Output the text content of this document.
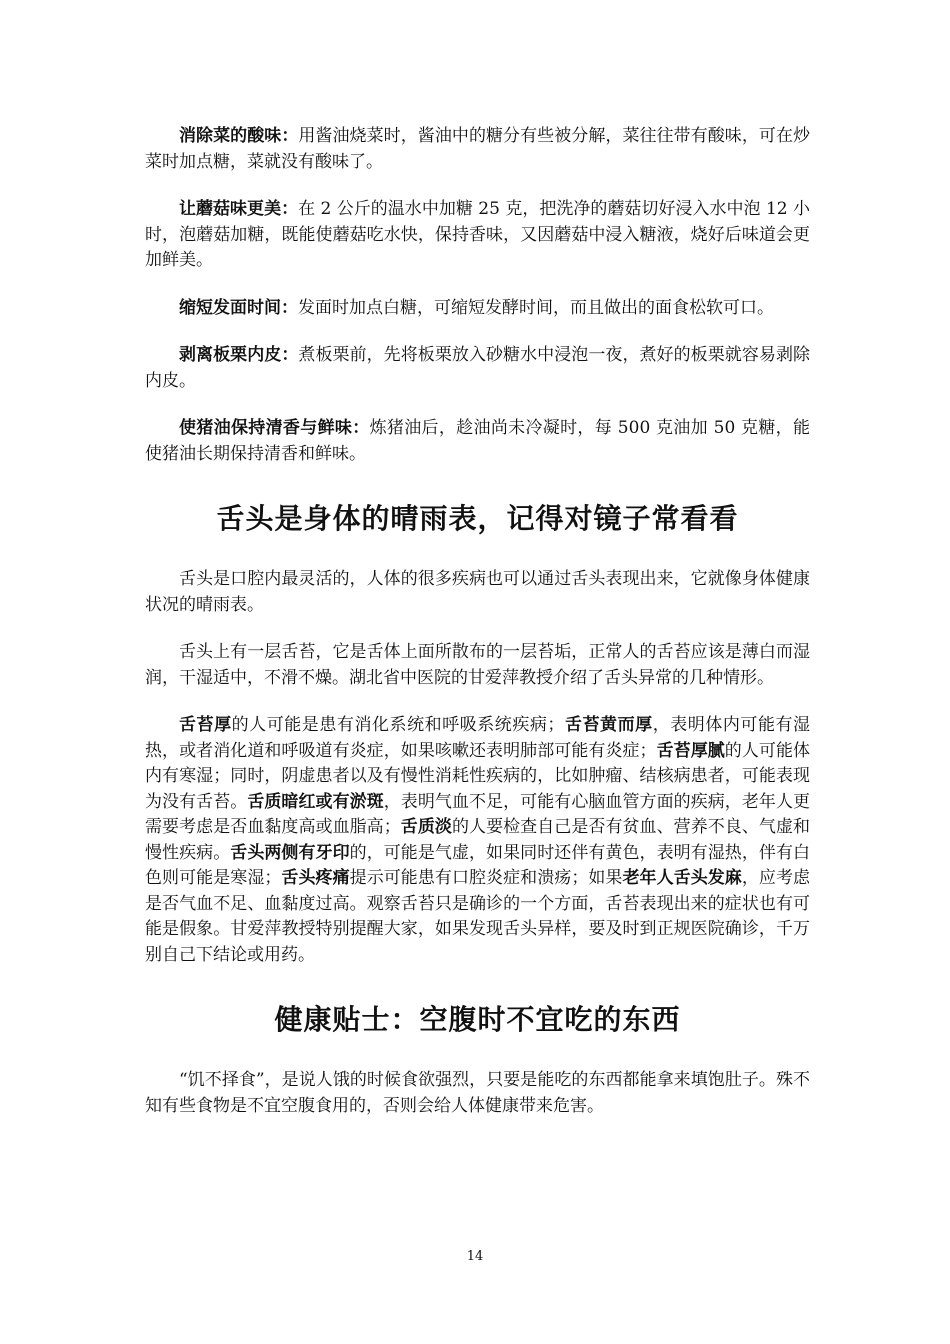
消除菜的酸味：用酱油烧菜时，酱油中的糖分有些被分解，菜往往带有酸味，可在炒菜时加点糖，菜就没有酸味了。

让蘑菇味更美：在 2 公斤的温水中加糖 25 克，把洗净的蘑菇切好浸入水中泡 12 小时，泡蘑菇加糖，既能使蘑菇吃水快，保持香味，又因蘑菇中浸入糖液，烧好后味道会更加鲜美。

缩短发面时间：发面时加点白糖，可缩短发酵时间，而且做出的面食松软可口。

剥离板栗内皮：煮板栗前，先将板栗放入砂糖水中浸泡一夜，煮好的板栗就容易剥除内皮。

使猪油保持清香与鲜味：炼猪油后，趁油尚未冷凝时，每 500 克油加 50 克糖，能使猪油长期保持清香和鲜味。

舌头是身体的晴雨表，记得对镜子常看看

舌头是口腔内最灵活的，人体的很多疾病也可以通过舌头表现出来，它就像身体健康状况的晴雨表。

舌头上有一层舌苔，它是舌体上面所散布的一层苔垢，正常人的舌苔应该是薄白而湿润，干湿适中，不滑不燥。湖北省中医院的甘爱萍教授介绍了舌头异常的几种情形。

舌苔厚的人可能是患有消化系统和呼吸系统疾病；舌苔黄而厚，表明体内可能有湿热，或者消化道和呼吸道有炎症，如果咳嗽还表明肺部可能有炎症；舌苔厚腻的人可能体内有寒湿；同时，阴虚患者以及有慢性消耗性疾病的，比如肿瘤、结核病患者，可能表现为没有舌苔。舌质暗红或有淤斑，表明气血不足，可能有心脑血管方面的疾病，老年人更需要考虑是否血黏度高或血脂高；舌质淡的人要检查自己是否有贫血、营养不良、气虚和慢性疾病。舌头两侧有牙印的，可能是气虚，如果同时还伴有黄色，表明有湿热，伴有白色则可能是寒湿；舌头疼痛提示可能患有口腔炎症和溃疡；如果老年人舌头发麻，应考虑是否气血不足、血黏度过高。观察舌苔只是确诊的一个方面，舌苔表现出来的症状也有可能是假象。甘爱萍教授特别提醒大家，如果发现舌头异样，要及时到正规医院确诊，千万别自己下结论或用药。

健康贴士：空腹时不宜吃的东西

“饥不择食”，是说人饿的时候食欲强烈，只要是能吃的东西都能拿来填饱肚子。殊不知有些食物是不宜空腹食用的，否则会给人体健康带来危害。

14
